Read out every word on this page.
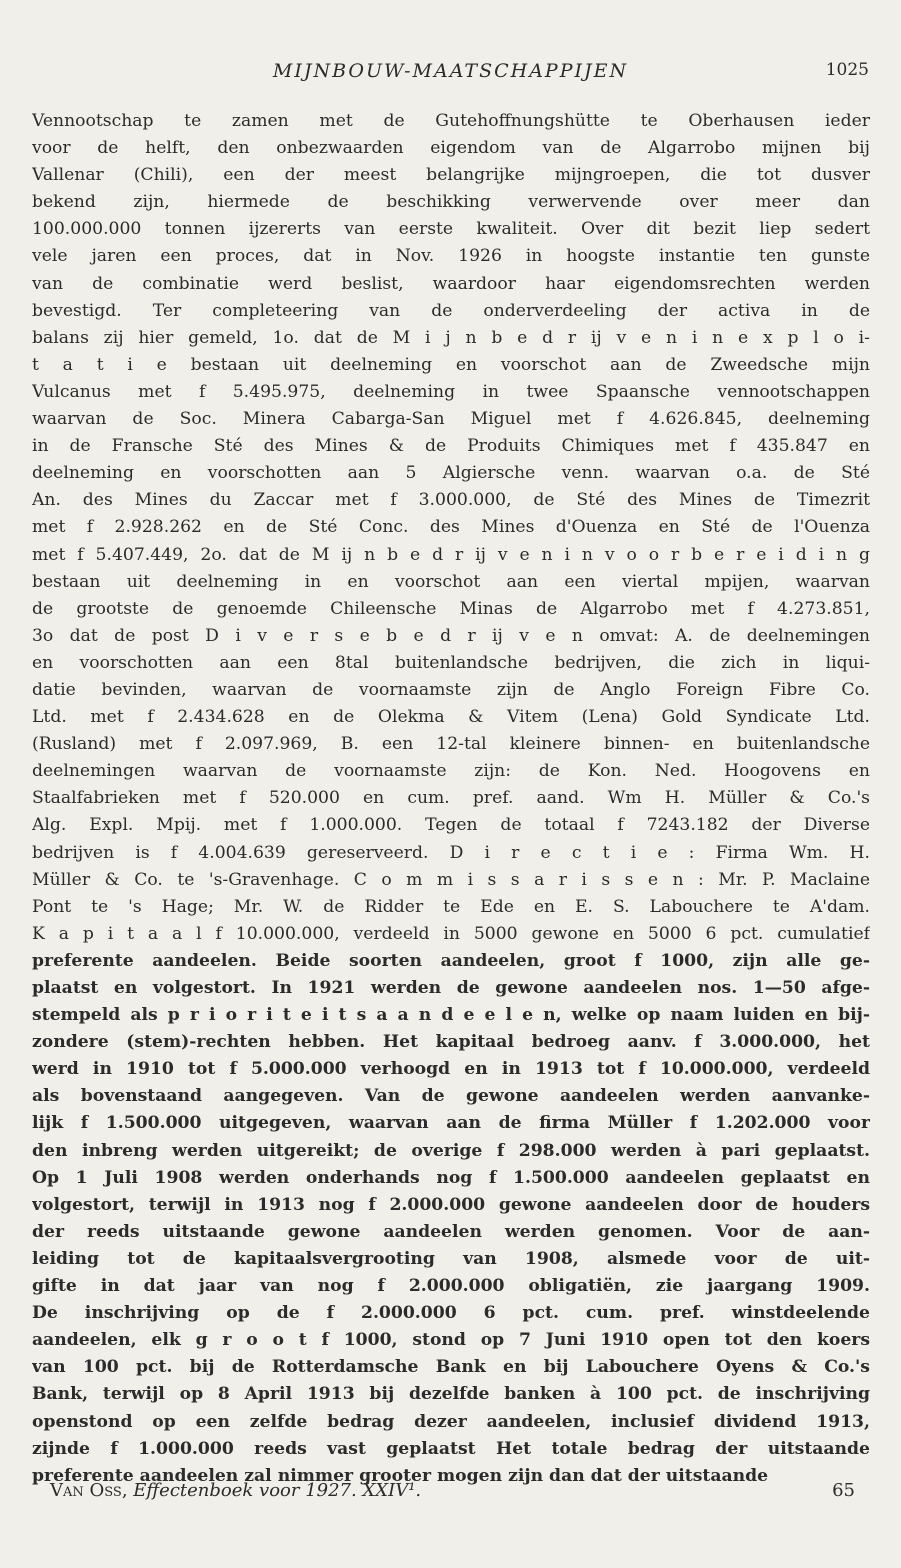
MIJNBOUW-MAATSCHAPPIJEN	1025
Vennootschap te zamen met de Gutehoffnungshütte te Oberhausen ieder
voor de helft, den onbezwaarden eigendom van de Algarrobo mijnen bij
Vallenar (Chili), een der meest belangrijke mijngroepen, die tot dusver
bekend zijn, hiermede de beschikking verwervende over meer dan
100.000.000 tonnen ijzererts van eerste kwaliteit. Over dit bezit liep sedert
vele jaren een proces, dat in Nov. 1926 in hoogste instantie ten gunste
van de combinatie werd beslist, waardoor haar eigendomsrechten werden
bevestigd. Ter completeering van de onderverdeeling der activa in de
balans zij hier gemeld, 1o. dat de M i j n b e d r ij v e n i n e x p l o i-
t a t i e bestaan uit deelneming en voorschot aan de Zweedsche mijn
Vulcanus met f 5.495.975, deelneming in twee Spaansche vennootschappen
waarvan de Soc. Minera Cabarga-San Miguel met f 4.626.845, deelneming
in de Fransche Sté des Mines & de Produits Chimiques met f 435.847 en
deelneming en voorschotten aan 5 Algiersche venn. waarvan o.a. de Sté
An. des Mines du Zaccar met f 3.000.000, de Sté des Mines de Timezrit
met f 2.928.262 en de Sté Conc. des Mines d'Ouenza en Sté de l'Ouenza
met f 5.407.449, 2o. dat de M ij n b e d r ij v e n i n v o o r b e r e i d i n g
bestaan uit deelneming in en voorschot aan een viertal mpijen, waarvan
de grootste de genoemde Chileensche Minas de Algarrobo met f 4.273.851,
3o dat de post D i v e r s e b e d r ij v e n omvat: A. de deelnemingen
en voorschotten aan een 8tal buitenlandsche bedrijven, die zich in liqui-
datie bevinden, waarvan de voornaamste zijn de Anglo Foreign Fibre Co.
Ltd. met f 2.434.628 en de Olekma & Vitem (Lena) Gold Syndicate Ltd.
(Rusland) met f 2.097.969, B. een 12-tal kleinere binnen- en buitenlandsche
deelnemingen waarvan de voornaamste zijn: de Kon. Ned. Hoogovens en
Staalfabrieken met f 520.000 en cum. pref. aand. Wm H. Müller & Co.'s
Alg. Expl. Mpij. met f 1.000.000. Tegen de totaal f 7243.182 der Diverse
bedrijven is f 4.004.639 gereserveerd. D i r e c t i e : Firma Wm. H.
Müller & Co. te 's-Gravenhage. C o m m i s s a r i s s e n : Mr. P. Maclaine
Pont te 's Hage; Mr. W. de Ridder te Ede en E. S. Labouchere te A'dam.
K a p i t a a l f 10.000.000, verdeeld in 5000 gewone en 5000 6 pct. cumulatief
preferente aandeelen. Beide soorten aandeelen, groot f 1000, zijn alle ge-
plaatst en volgestort. In 1921 werden de gewone aandeelen nos. 1—50 afge-
stempeld als p r i o r i t e i t s a a n d e e l e n, welke op naam luiden en bij-
zondere (stem)-rechten hebben. Het kapitaal bedroeg aanv. f 3.000.000, het
werd in 1910 tot f 5.000.000 verhoogd en in 1913 tot f 10.000.000, verdeeld
als bovenstaand aangegeven. Van de gewone aandeelen werden aanvanke-
lijk f 1.500.000 uitgegeven, waarvan aan de firma Müller f 1.202.000 voor
den inbreng werden uitgereikt; de overige f 298.000 werden à pari geplaatst.
Op 1 Juli 1908 werden onderhands nog f 1.500.000 aandeelen geplaatst en
volgestort, terwijl in 1913 nog f 2.000.000 gewone aandeelen door de houders
der reeds uitstaande gewone aandeelen werden genomen. Voor de aan-
leiding tot de kapitaalsvergrooting van 1908, alsmede voor de uit-
gifte in dat jaar van nog f 2.000.000 obligatiën, zie jaargang 1909.
De inschrijving op de f 2.000.000 6 pct. cum. pref. winstdeelende
aandeelen, elk g r o o t f 1000, stond op 7 Juni 1910 open tot den koers
van 100 pct. bij de Rotterdamsche Bank en bij Labouchere Oyens & Co.'s
Bank, terwijl op 8 April 1913 bij dezelfde banken à 100 pct. de inschrijving
openstond op een zelfde bedrag dezer aandeelen, inclusief dividend 1913,
zijnde f 1.000.000 reeds vast geplaatst Het totale bedrag der uitstaande
preferente aandeelen zal nimmer grooter mogen zijn dan dat der uitstaande
Van Oss, Effectenboek voor 1927. XXIV¹.	65
